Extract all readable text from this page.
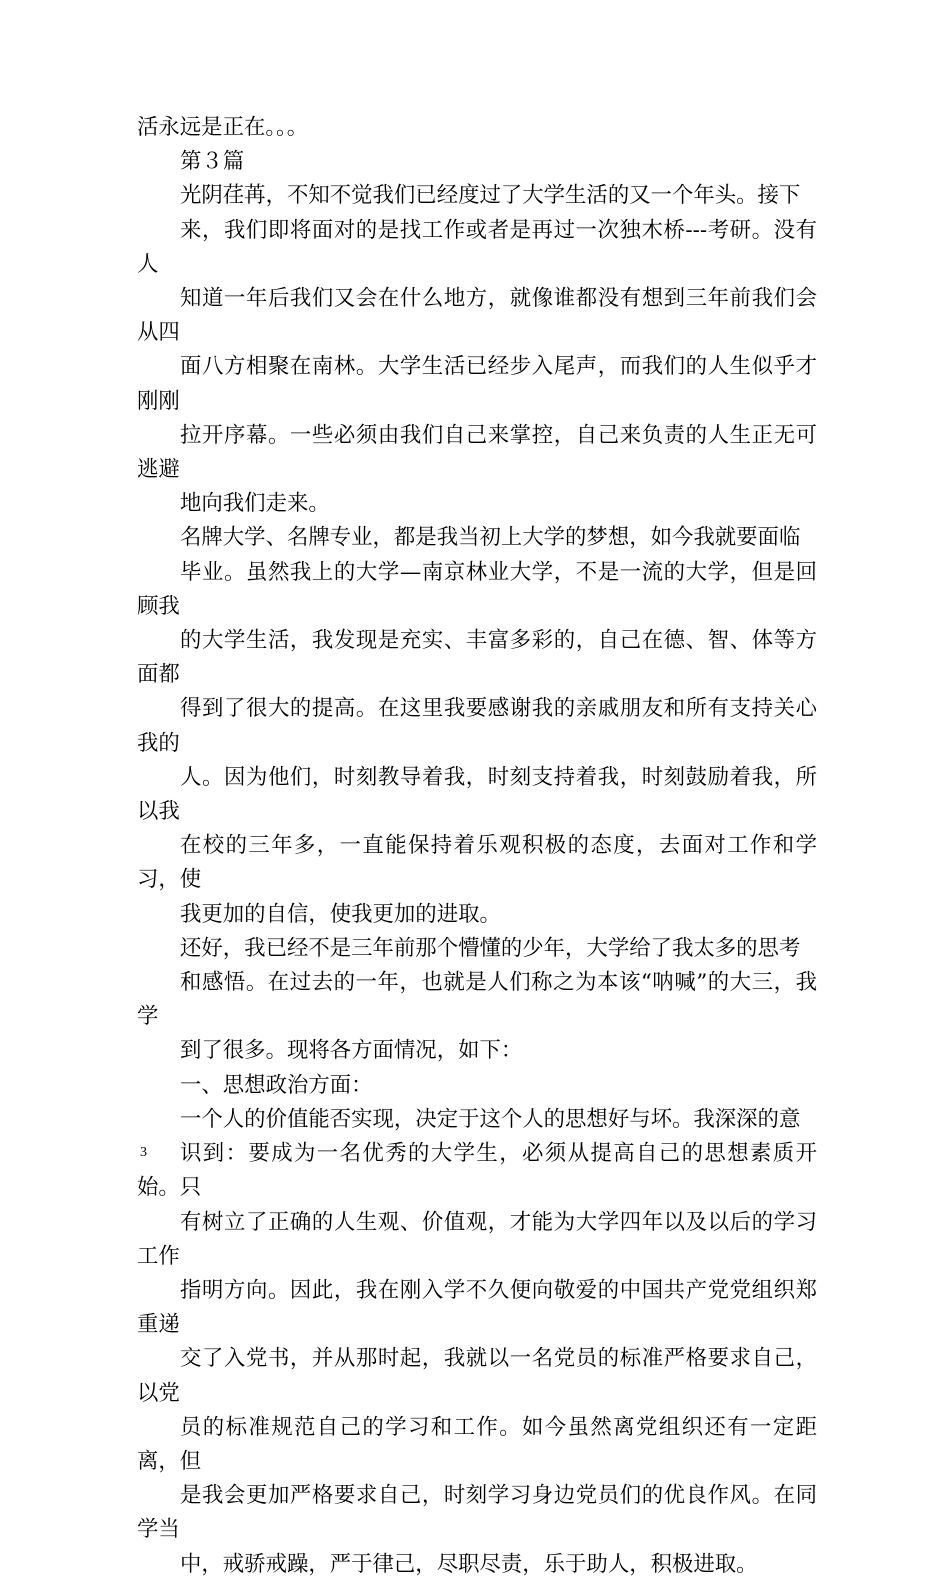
活永远是正在。。。

第３篇

光阴荏苒，不知不觉我们已经度过了大学生活的又一个年头。接下
来，我们即将面对的是找工作或者是再过一次独木桥---考研。没有人
知道一年后我们又会在什么地方，就像谁都没有想到三年前我们会从四
面八方相聚在南林。大学生活已经步入尾声，而我们的人生似乎才刚刚
拉开序幕。一些必须由我们自己来掌控，自己来负责的人生正无可逃避
地向我们走来。

名牌大学、名牌专业，都是我当初上大学的梦想，如今我就要面临
毕业。虽然我上的大学—南京林业大学，不是一流的大学，但是回顾我
的大学生活，我发现是充实、丰富多彩的，自己在德、智、体等方面都
得到了很大的提高。在这里我要感谢我的亲戚朋友和所有支持关心我的
人。因为他们，时刻教导着我，时刻支持着我，时刻鼓励着我，所以我
在校的三年多，一直能保持着乐观积极的态度，去面对工作和学习，使
我更加的自信，使我更加的进取。

还好，我已经不是三年前那个懵懂的少年，大学给了我太多的思考
和感悟。在过去的一年，也就是人们称之为本该“呐喊”的大三，我学
到了很多。现将各方面情况，如下：

一、思想政治方面：

一个人的价值能否实现，决定于这个人的思想好与坏。我深深的意
识到：要成为一名优秀的大学生，必须从提高自己的思想素质开始。只
有树立了正确的人生观、价值观，才能为大学四年以及以后的学习工作
指明方向。因此，我在刚入学不久便向敬爱的中国共产党党组织郑重递
交了入党书，并从那时起，我就以一名党员的标准严格要求自己，以党
员的标准规范自己的学习和工作。如今虽然离党组织还有一定距离，但
是我会更加严格要求自己，时刻学习身边党员们的优良作风。在同学当
中，戒骄戒躁，严于律己，尽职尽责，乐于助人，积极进取。

3
